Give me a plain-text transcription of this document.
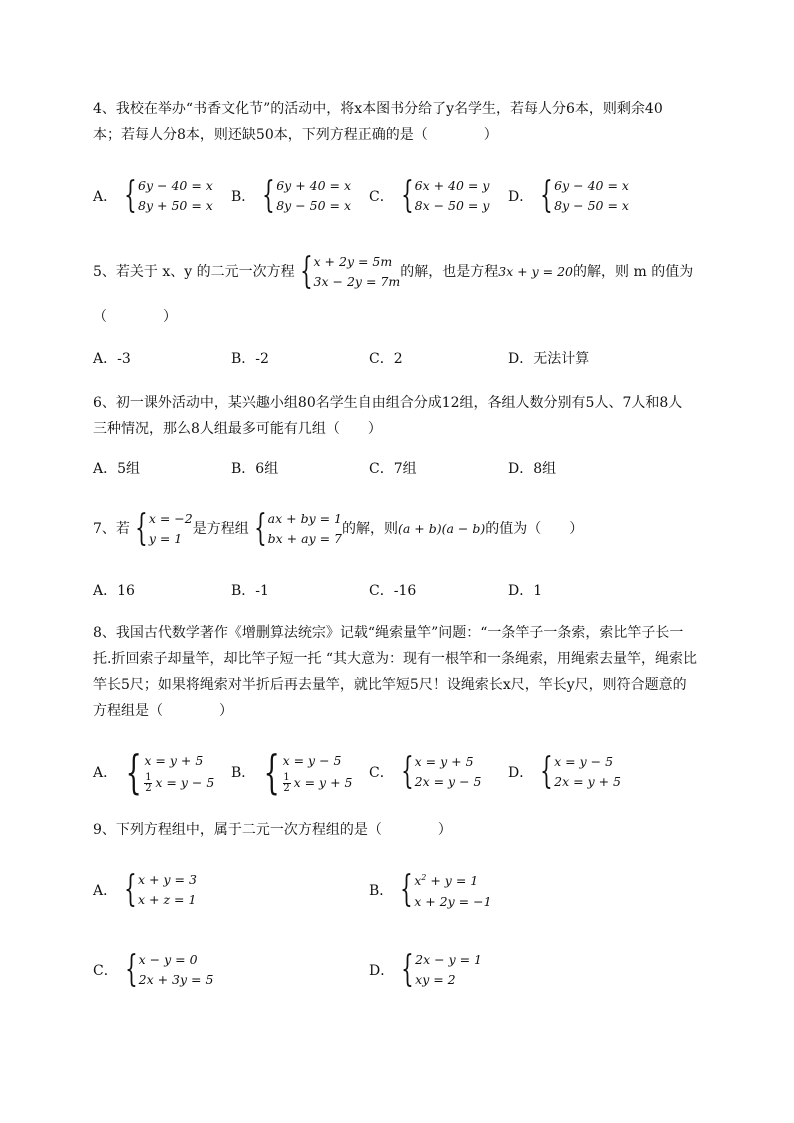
4、我校在举办“书香文化节”的活动中，将x本图书分给了y名学生，若每人分6本，则剩余40
本；若每人分8本，则还缺50本，下列方程正确的是（　　　　）
A． { 6y − 40 = x
8y + 50 = x
B． { 6y + 40 = x
8y − 50 = x
C． { 6x + 40 = y
8x − 50 = y
D． { 6y − 40 = x
8y − 50 = x
5、若关于 x、y 的二元一次方程 { x + 2y = 5m
3x − 2y = 7m
的解，也是方程 3x + y = 20 的解，则 m 的值为
（　　　　）
A．-3	B．-2	C．2	D．无法计算
6、初一课外活动中，某兴趣小组80名学生自由组合分成12组，各组人数分别有5人、7人和8人
三种情况，那么8人组最多可能有几组（　　）
A．5组	B．6组	C．7组	D．8组
7、若 { x = −2
y = 1
是方程组 { ax + by = 1
bx + ay = 7
的解，则 (a + b)(a − b) 的值为（　　）
A．16	B．-1	C．-16	D．1
8、我国古代数学著作《增删算法统宗》记载“绳索量竿”问题：“一条竿子一条索，索比竿子长一
托.折回索子却量竿，却比竿子短一托 “其大意为：现有一根竿和一条绳索，用绳索去量竿，绳索比
竿长5尺；如果将绳索对半折后再去量竿，就比竿短5尺！设绳索长x尺，竿长y尺，则符合题意的
方程组是（　　　　）
A． { x = y + 5
$\frac{1}{2}$ x = y − 5
B． { x = y − 5
$\frac{1}{2}$ x = y + 5
C． { x = y + 5
2x = y − 5
D． { x = y − 5
2x = y + 5
9、下列方程组中，属于二元一次方程组的是（　　　　）
A． { x + y = 3
x + z = 1
B． { $x^2 + y = 1$
x + 2y = −1
C． { x − y = 0
2x + 3y = 5
D． { 2x − y = 1
xy = 2
